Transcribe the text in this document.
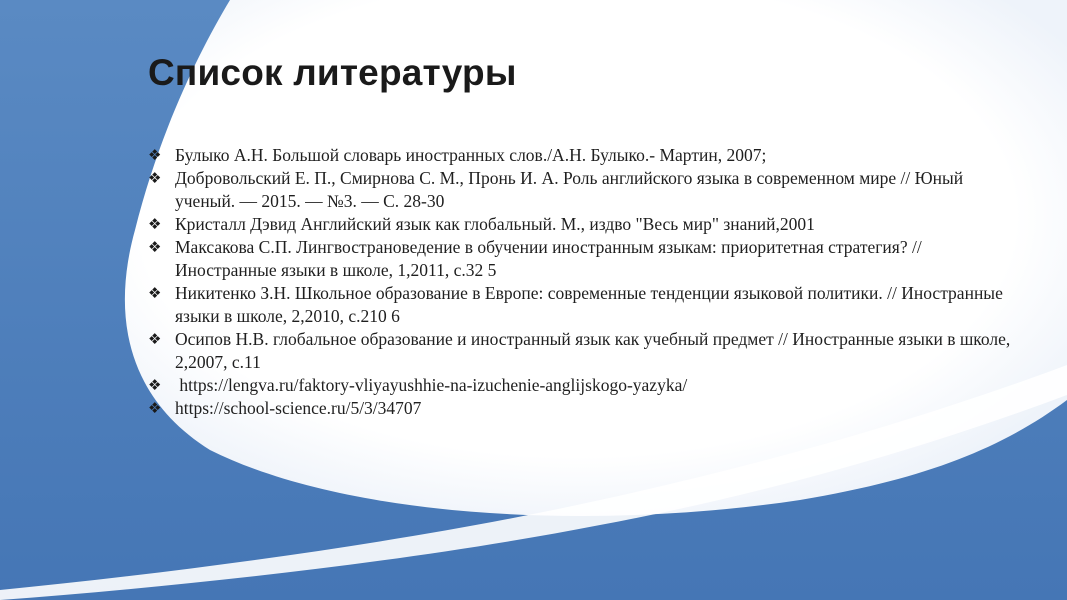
Список литературы
❖ Булыко А.Н. Большой словарь иностранных слов./А.Н. Булыко.- Мартин, 2007;
❖ Добровольский Е. П., Смирнова С. М., Пронь И. А. Роль английского языка в современном мире // Юный ученый. — 2015. — №3. — С. 28-30
❖ Кристалл Дэвид Английский язык как глобальный. М., издво "Весь мир" знаний,2001
❖ Максакова С.П. Лингвострановедение в обучении иностранным языкам: приоритетная стратегия? // Иностранные языки в школе, 1,2011, с.32 5
❖ Никитенко З.Н. Школьное образование в Европе: современные тенденции языковой политики. // Иностранные языки в школе, 2,2010, с.210 6
❖ Осипов Н.В. глобальное образование и иностранный язык как учебный предмет // Иностранные языки в школе, 2,2007, с.11
❖ https://lengva.ru/faktory-vliyayushhie-na-izuchenie-anglijskogo-yazyka/
❖ https://school-science.ru/5/3/34707
